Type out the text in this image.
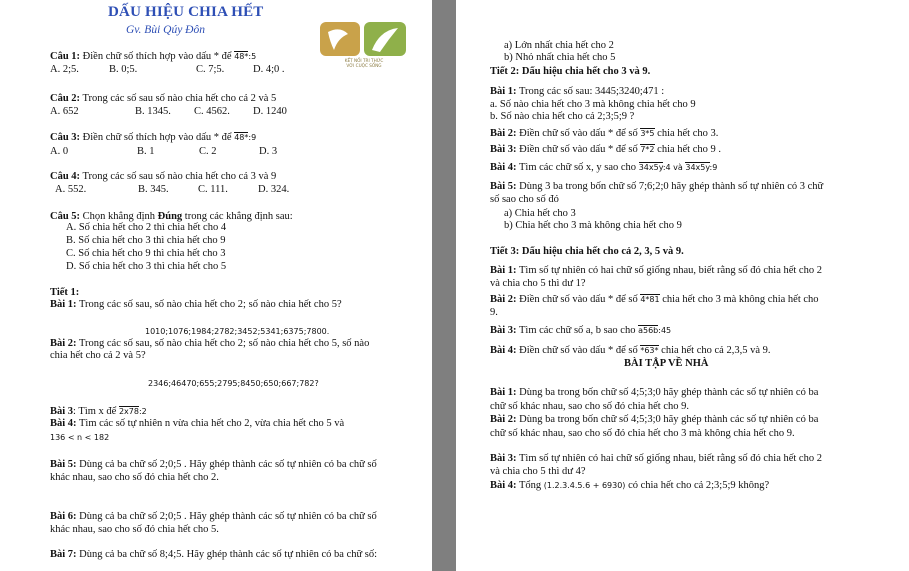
DẤU HIỆU CHIA HẾT
Gv. Bùi Qúy Đôn
KẾT NỐI TRI THỨC
VỚI CUỘC SỐNG
Câu 1: Điền chữ số thích hợp vào dấu * để 48*:5
A. 2;5.	B. 0;5.	C. 7;5.	D. 4;0 .
Câu 2: Trong các số sau số nào chia hết cho cả 2 và 5
A. 652	B. 1345. C. 4562. D. 1240
Câu 3: Điền chữ số thích hợp vào dấu * để 48*:9
A. 0	B. 1	C. 2	D. 3
Câu 4: Trong các số sau số nào chia hết cho cả 3 và 9
A. 552.	B. 345.	C. 111.	D. 324.
Câu 5: Chọn khẳng định Đúng trong các khẳng định sau:
A. Số chia hết cho 2 thì chia hết cho 4
B. Số chia hết cho 3 thì chia hết cho 9
C. Số chia hết cho 9 thì chia hết cho 3
D. Số chia hết cho 3 thì chia hết cho 5
Tiết 1:
Bài 1: Trong các số sau, số nào chia hết cho 2; số nào chia hết cho 5?
1010;1076;1984;2782;3452;5341;6375;7800.
Bài 2: Trong các số sau, số nào chia hết cho 2; số nào chia hết cho 5, số nào
chia hết cho cả 2 và 5?
2346;46470;655;2795;8450;650;667;782?
Bài 3: Tìm x để 2x78:2
Bài 4: Tìm các số tự nhiên n vừa chia hết cho 2, vừa chia hết cho 5 và
136 < n < 182
Bài 5: Dùng cả ba chữ số 2;0;5 . Hãy ghép thành các số tự nhiên có ba chữ số
khác nhau, sao cho số đó chia hết cho 2.
Bài 6: Dùng cả ba chữ số 2;0;5 . Hãy ghép thành các số tự nhiên có ba chữ số
khác nhau, sao cho số đó chia hết cho 5.
Bài 7: Dùng cả ba chữ số 8;4;5. Hãy ghép thành các số tự nhiên có ba chữ số:
a) Lớn nhất chia hết cho 2
b) Nhỏ nhất chia hết cho 5
Tiết 2: Dấu hiệu chia hết cho 3 và 9.
Bài 1: Trong các số sau: 3445;3240;471 :
a. Số nào chia hết cho 3 mà không chia hết cho 9
b. Số nào chia hết cho cả 2;3;5;9 ?
Bài 2: Điền chữ số vào dấu * để số 3*5 chia hết cho 3.
Bài 3: Điền chữ số vào dấu * để số 7*2 chia hết cho 9 .
Bài 4: Tìm các chữ số x, y sao cho 34x5y:4 và 34x5y:9
Bài 5: Dùng 3 ba trong bốn chữ số 7;6;2;0 hãy ghép thành số tự nhiên có 3 chữ
số sao cho số đó
a) Chia hết cho 3
b) Chia hết cho 3 mà không chia hết cho 9
Tiết 3: Dấu hiệu chia hết cho cả 2, 3, 5 và 9.
Bài 1: Tìm số tự nhiên có hai chữ số giống nhau, biết rằng số đó chia hết cho 2
và chia cho 5 thì dư 1?
Bài 2: Điền chữ số vào dấu * để số 4*81 chia hết cho 3 mà không chia hết cho
9.
Bài 3: Tìm các chữ số a, b sao cho a56b:45
Bài 4: Điền chữ số vào dấu * để số *63* chia hết cho cả 2,3,5 và 9.
BÀI TẬP VỀ NHÀ
Bài 1: Dùng ba trong bốn chữ số 4;5;3;0 hãy ghép thành các số tự nhiên có ba
chữ số khác nhau, sao cho số đó chia hết cho 9.
Bài 2: Dùng ba trong bốn chữ số 4;5;3;0 hãy ghép thành các số tự nhiên có ba
chữ số khác nhau, sao cho số đó chia hết cho 3 mà không chia hết cho 9.
Bài 3: Tìm số tự nhiên có hai chữ số giống nhau, biết rằng số đó chia hết cho 2
và chia cho 5 thì dư 4?
Bài 4: Tổng (1.2.3.4.5.6 + 6930) có chia hết cho cả 2;3;5;9 không?
